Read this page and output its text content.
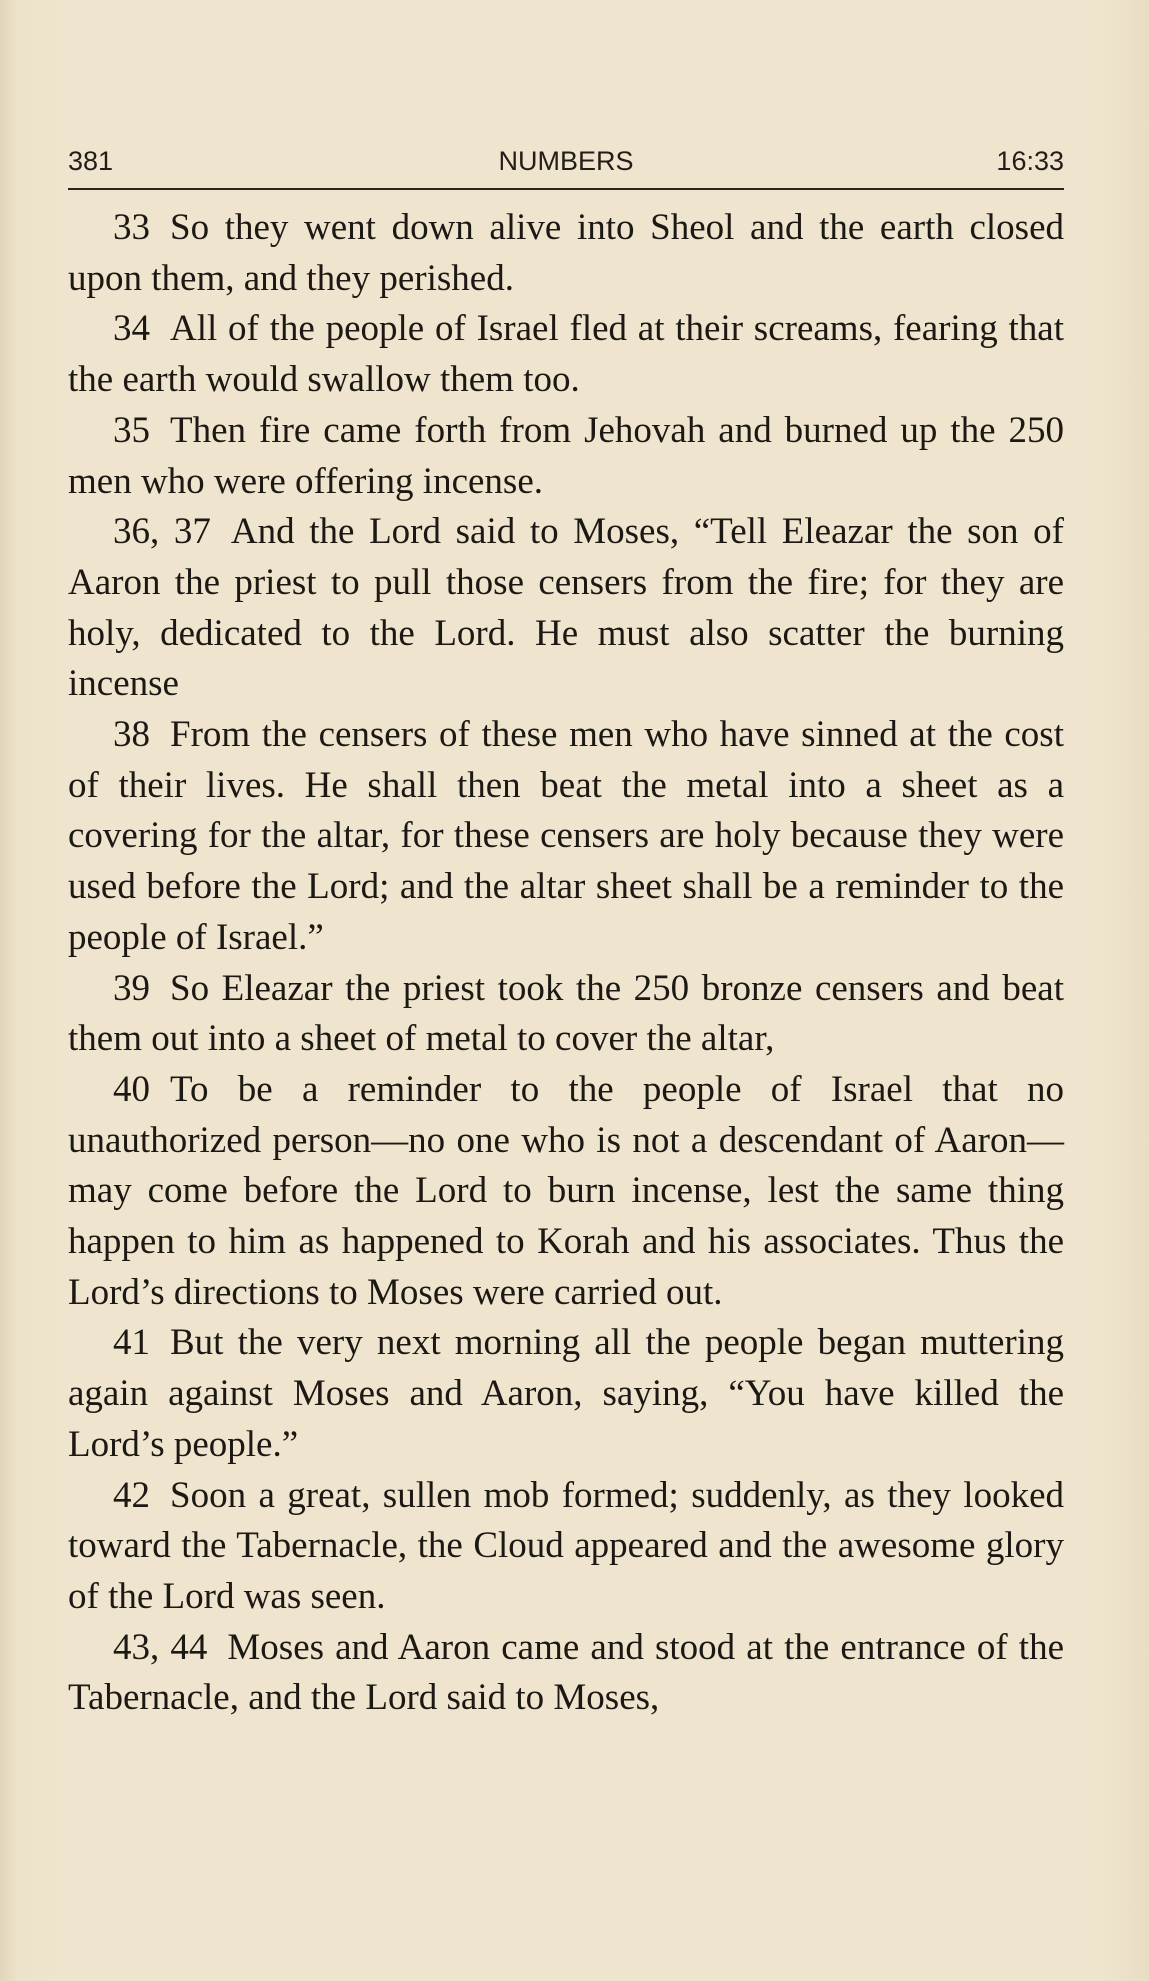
NUMBERS
381	16:33

33 So they went down alive into Sheol and the earth closed upon them, and they perished.

34 All of the people of Israel fled at their screams, fearing that the earth would swallow them too.

35 Then fire came forth from Jehovah and burned up the 250 men who were offering incense.

36, 37 And the Lord said to Moses, “Tell Eleazar the son of Aaron the priest to pull those censers from the fire; for they are holy, dedicated to the Lord. He must also scatter the burning incense

38 From the censers of these men who have sinned at the cost of their lives. He shall then beat the metal into a sheet as a covering for the altar, for these censers are holy because they were used before the Lord; and the altar sheet shall be a reminder to the people of Israel.”

39 So Eleazar the priest took the 250 bronze censers and beat them out into a sheet of metal to cover the altar,

40 To be a reminder to the people of Israel that no unauthorized person—no one who is not a descendant of Aaron—may come before the Lord to burn incense, lest the same thing happen to him as happened to Korah and his associates. Thus the Lord’s directions to Moses were carried out.

41 But the very next morning all the people began muttering again against Moses and Aaron, saying, “You have killed the Lord’s people.”

42 Soon a great, sullen mob formed; suddenly, as they looked toward the Tabernacle, the Cloud appeared and the awesome glory of the Lord was seen.

43, 44 Moses and Aaron came and stood at the entrance of the Tabernacle, and the Lord said to Moses,
